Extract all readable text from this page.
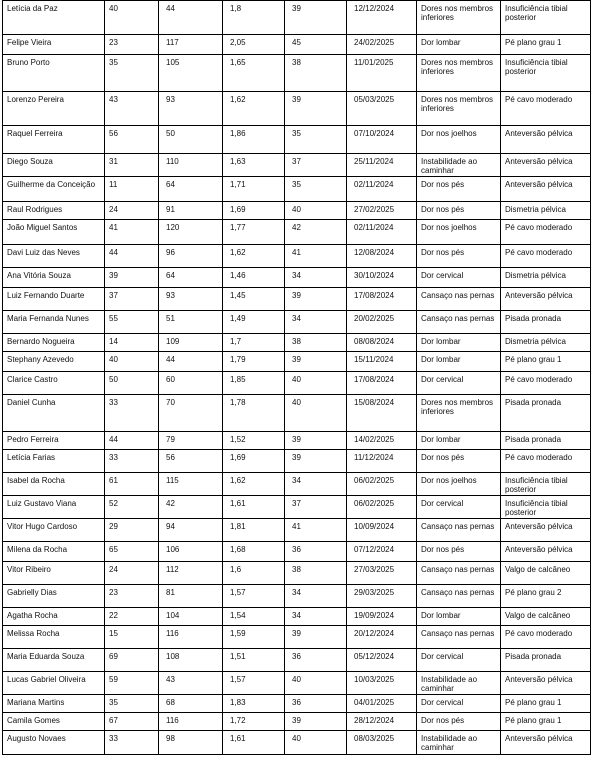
Letícia da Paz	40	44	1,8	39	12/12/2024	Dores nos membros inferiores	Insuficiência tibial posterior
Felipe Vieira	23	117	2,05	45	24/02/2025	Dor lombar	Pé plano grau 1
Bruno Porto	35	105	1,65	38	11/01/2025	Dores nos membros inferiores	Insuficiência tibial posterior
Lorenzo Pereira	43	93	1,62	39	05/03/2025	Dores nos membros inferiores	Pé cavo moderado
Raquel Ferreira	56	50	1,86	35	07/10/2024	Dor nos joelhos	Anteversão pélvica
Diego Souza	31	110	1,63	37	25/11/2024	Instabilidade ao caminhar	Anteversão pélvica
Guilherme da Conceição	11	64	1,71	35	02/11/2024	Dor nos pés	Anteversão pélvica
Raul Rodrigues	24	91	1,69	40	27/02/2025	Dor nos pés	Dismetria pélvica
João Miguel Santos	41	120	1,77	42	02/11/2024	Dor nos joelhos	Pé cavo moderado
Davi Luiz das Neves	44	96	1,62	41	12/08/2024	Dor nos pés	Pé cavo moderado
Ana Vitória Souza	39	64	1,46	34	30/10/2024	Dor cervical	Dismetria pélvica
Luiz Fernando Duarte	37	93	1,45	39	17/08/2024	Cansaço nas pernas	Anteversão pélvica
Maria Fernanda Nunes	55	51	1,49	34	20/02/2025	Cansaço nas pernas	Pisada pronada
Bernardo Nogueira	14	109	1,7	38	08/08/2024	Dor lombar	Dismetria pélvica
Stephany Azevedo	40	44	1,79	39	15/11/2024	Dor lombar	Pé plano grau 1
Clarice Castro	50	60	1,85	40	17/08/2024	Dor cervical	Pé cavo moderado
Daniel Cunha	33	70	1,78	40	15/08/2024	Dores nos membros inferiores	Pisada pronada
Pedro Ferreira	44	79	1,52	39	14/02/2025	Dor lombar	Pisada pronada
Letícia Farias	33	56	1,69	39	11/12/2024	Dor nos pés	Pé cavo moderado
Isabel da Rocha	61	115	1,62	34	06/02/2025	Dor nos joelhos	Insuficiência tibial posterior
Luiz Gustavo Viana	52	42	1,61	37	06/02/2025	Dor cervical	Insuficiência tibial posterior
Vitor Hugo Cardoso	29	94	1,81	41	10/09/2024	Cansaço nas pernas	Anteversão pélvica
Milena da Rocha	65	106	1,68	36	07/12/2024	Dor nos pés	Anteversão pélvica
Vitor Ribeiro	24	112	1,6	38	27/03/2025	Cansaço nas pernas	Valgo de calcâneo
Gabrielly Dias	23	81	1,57	34	29/03/2025	Cansaço nas pernas	Pé plano grau 2
Agatha Rocha	22	104	1,54	34	19/09/2024	Dor lombar	Valgo de calcâneo
Melissa Rocha	15	116	1,59	39	20/12/2024	Cansaço nas pernas	Pé cavo moderado
Maria Eduarda Souza	69	108	1,51	36	05/12/2024	Dor cervical	Pisada pronada
Lucas Gabriel Oliveira	59	43	1,57	40	10/03/2025	Instabilidade ao caminhar	Anteversão pélvica
Mariana Martins	35	68	1,83	36	04/01/2025	Dor cervical	Pé plano grau 1
Camila Gomes	67	116	1,72	39	28/12/2024	Dor nos pés	Pé plano grau 1
Augusto Novaes	33	98	1,61	40	08/03/2025	Instabilidade ao caminhar	Anteversão pélvica
